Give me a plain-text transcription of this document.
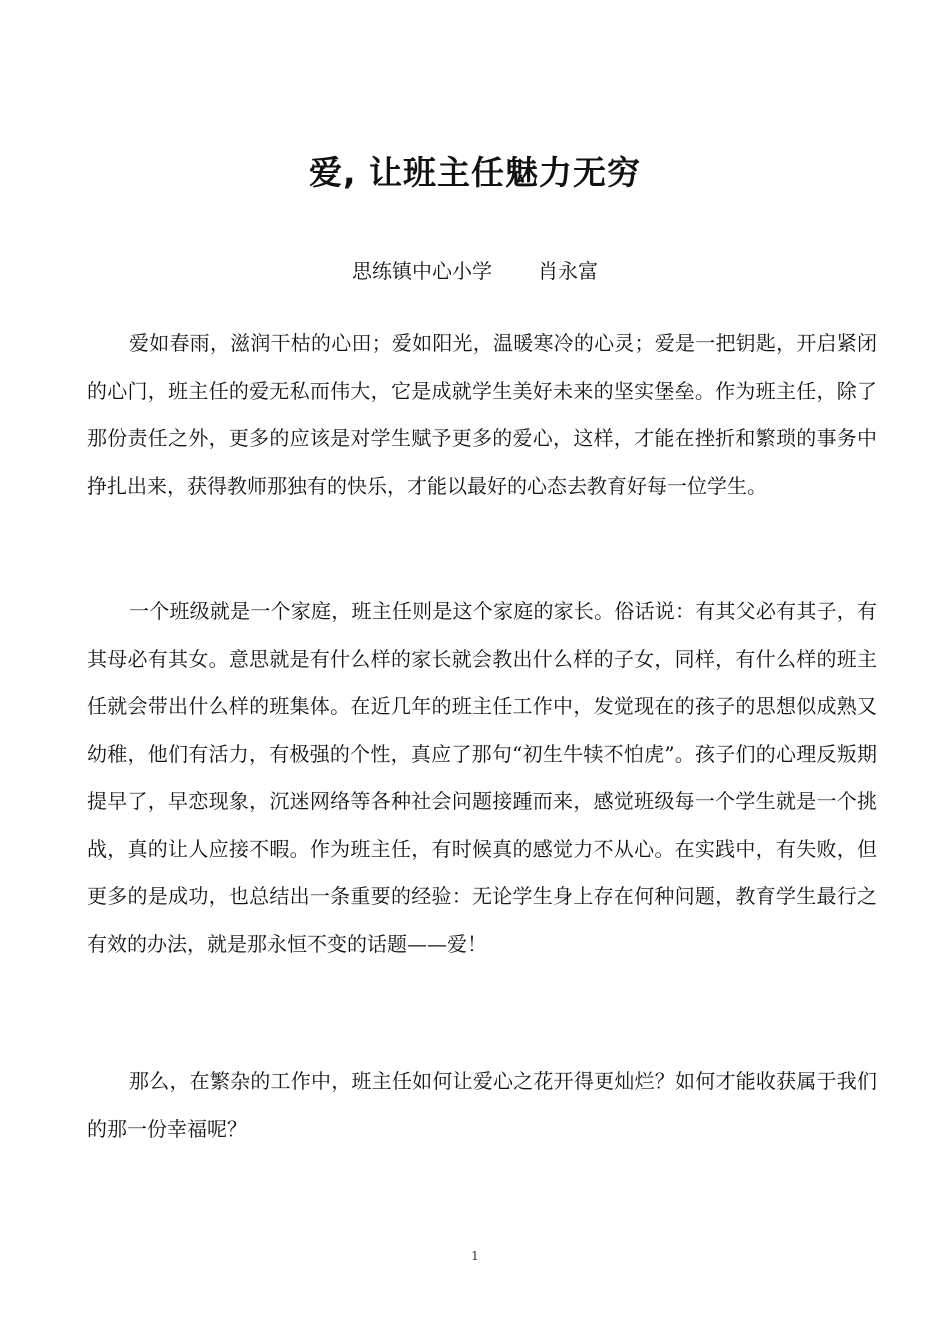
爱, 让班主任魅力无穷
思练镇中心小学 肖永富

爱如春雨，滋润干枯的心田；爱如阳光，温暖寒冷的心灵；爱是一把钥匙，开启紧闭的心门，班主任的爱无私而伟大，它是成就学生美好未来的坚实堡垒。作为班主任，除了那份责任之外，更多的应该是对学生赋予更多的爱心，这样，才能在挫折和繁琐的事务中挣扎出来，获得教师那独有的快乐，才能以最好的心态去教育好每一位学生。

一个班级就是一个家庭，班主任则是这个家庭的家长。俗话说：有其父必有其子，有其母必有其女。意思就是有什么样的家长就会教出什么样的子女，同样，有什么样的班主任就会带出什么样的班集体。在近几年的班主任工作中，发觉现在的孩子的思想似成熟又幼稚，他们有活力，有极强的个性，真应了那句“初生牛犊不怕虎”。孩子们的心理反叛期提早了，早恋现象，沉迷网络等各种社会问题接踵而来，感觉班级每一个学生就是一个挑战，真的让人应接不暇。作为班主任，有时候真的感觉力不从心。在实践中，有失败，但更多的是成功，也总结出一条重要的经验：无论学生身上存在何种问题，教育学生最行之有效的办法，就是那永恒不变的话题——爱！

那么，在繁杂的工作中，班主任如何让爱心之花开得更灿烂？如何才能收获属于我们的那一份幸福呢？

1
